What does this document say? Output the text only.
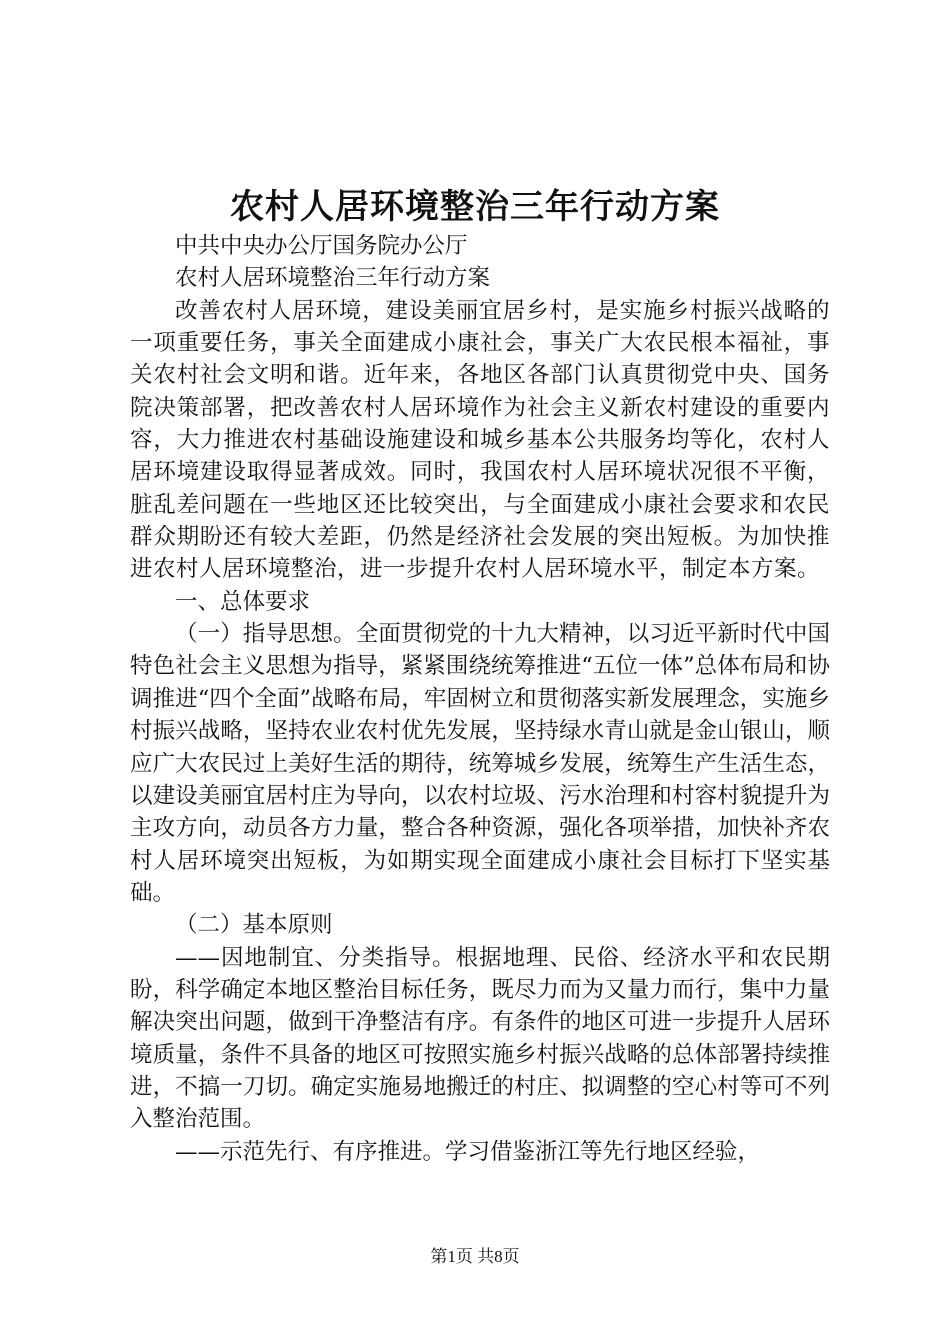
农村人居环境整治三年行动方案

中共中央办公厅国务院办公厅

农村人居环境整治三年行动方案

改善农村人居环境，建设美丽宜居乡村，是实施乡村振兴战略的一项重要任务，事关全面建成小康社会，事关广大农民根本福祉，事关农村社会文明和谐。近年来，各地区各部门认真贯彻党中央、国务院决策部署，把改善农村人居环境作为社会主义新农村建设的重要内容，大力推进农村基础设施建设和城乡基本公共服务均等化，农村人居环境建设取得显著成效。同时，我国农村人居环境状况很不平衡，脏乱差问题在一些地区还比较突出，与全面建成小康社会要求和农民群众期盼还有较大差距，仍然是经济社会发展的突出短板。为加快推进农村人居环境整治，进一步提升农村人居环境水平，制定本方案。

一、总体要求

（一）指导思想。全面贯彻党的十九大精神，以习近平新时代中国特色社会主义思想为指导，紧紧围绕统筹推进“五位一体”总体布局和协调推进“四个全面”战略布局，牢固树立和贯彻落实新发展理念，实施乡村振兴战略，坚持农业农村优先发展，坚持绿水青山就是金山银山，顺应广大农民过上美好生活的期待，统筹城乡发展，统筹生产生活生态，以建设美丽宜居村庄为导向，以农村垃圾、污水治理和村容村貌提升为主攻方向，动员各方力量，整合各种资源，强化各项举措，加快补齐农村人居环境突出短板，为如期实现全面建成小康社会目标打下坚实基础。

（二）基本原则

——因地制宜、分类指导。根据地理、民俗、经济水平和农民期盼，科学确定本地区整治目标任务，既尽力而为又量力而行，集中力量解决突出问题，做到干净整洁有序。有条件的地区可进一步提升人居环境质量，条件不具备的地区可按照实施乡村振兴战略的总体部署持续推进，不搞一刀切。确定实施易地搬迁的村庄、拟调整的空心村等可不列入整治范围。

——示范先行、有序推进。学习借鉴浙江等先行地区经验，

第1页 共8页
